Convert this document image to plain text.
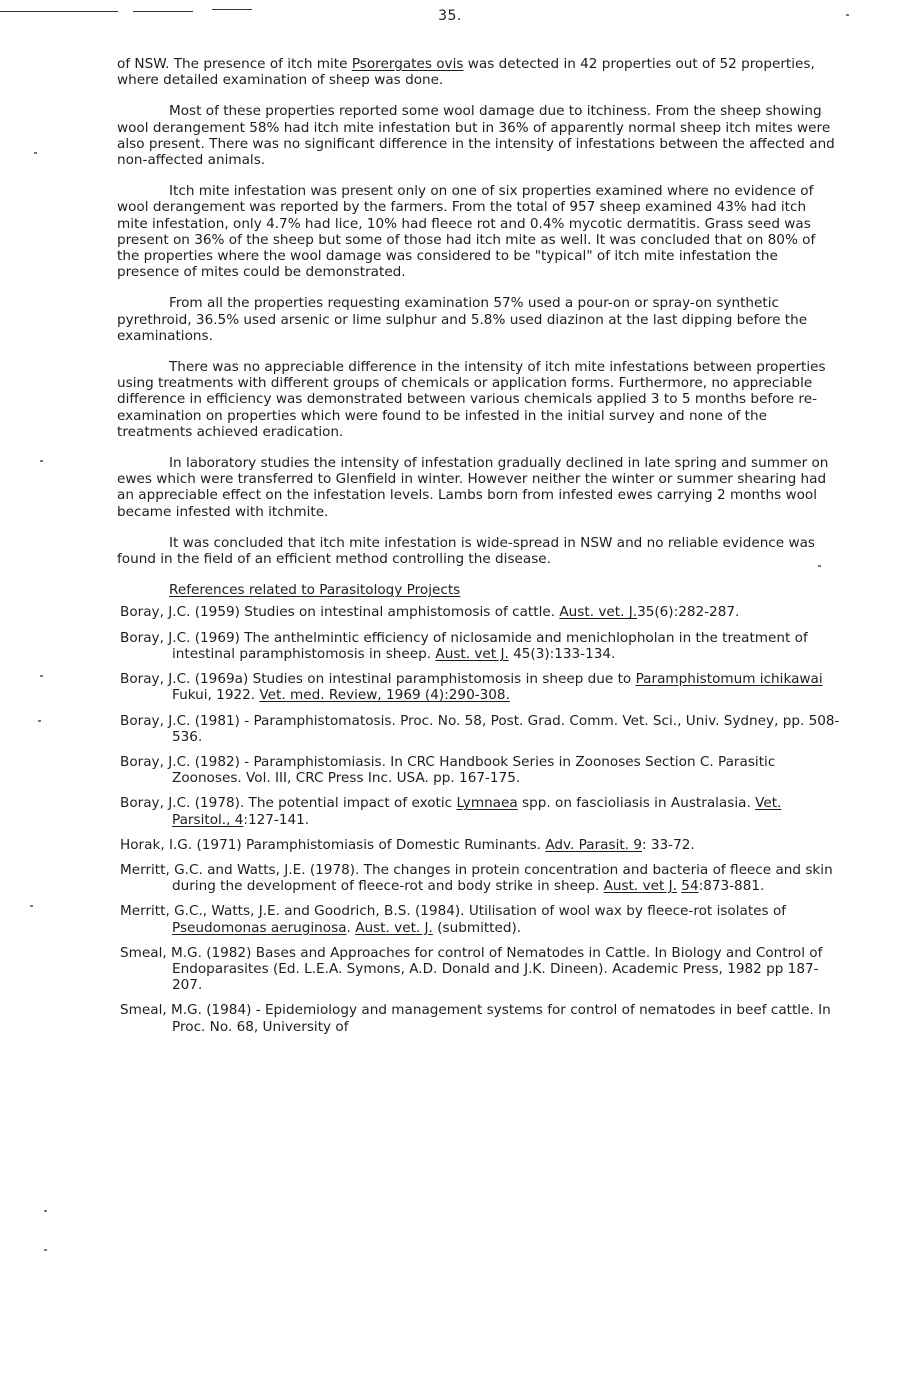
35.

of NSW. The presence of itch mite Psorergates ovis was detected in 42 properties out of 52 properties, where detailed examination of sheep was done.

Most of these properties reported some wool damage due to itchiness. From the sheep showing wool derangement 58% had itch mite infestation but in 36% of apparently normal sheep itch mites were also present. There was no significant difference in the intensity of infestations between the affected and non-affected animals.

Itch mite infestation was present only on one of six properties examined where no evidence of wool derangement was reported by the farmers. From the total of 957 sheep examined 43% had itch mite infestation, only 4.7% had lice, 10% had fleece rot and 0.4% mycotic dermatitis. Grass seed was present on 36% of the sheep but some of those had itch mite as well. It was concluded that on 80% of the properties where the wool damage was considered to be "typical" of itch mite infestation the presence of mites could be demonstrated.

From all the properties requesting examination 57% used a pour-on or spray-on synthetic pyrethroid, 36.5% used arsenic or lime sulphur and 5.8% used diazinon at the last dipping before the examinations.

There was no appreciable difference in the intensity of itch mite infestations between properties using treatments with different groups of chemicals or application forms. Furthermore, no appreciable difference in efficiency was demonstrated between various chemicals applied 3 to 5 months before re-examination on properties which were found to be infested in the initial survey and none of the treatments achieved eradication.

In laboratory studies the intensity of infestation gradually declined in late spring and summer on ewes which were transferred to Glenfield in winter. However neither the winter or summer shearing had an appreciable effect on the infestation levels. Lambs born from infested ewes carrying 2 months wool became infested with itchmite.

It was concluded that itch mite infestation is wide-spread in NSW and no reliable evidence was found in the field of an efficient method controlling the disease.

References related to Parasitology Projects
Boray, J.C. (1959) Studies on intestinal amphistomosis of cattle. Aust. vet. J.35(6):282-287.
Boray, J.C. (1969) The anthelmintic efficiency of niclosamide and menichlopholan in the treatment of intestinal paramphistomosis in sheep. Aust. vet J. 45(3):133-134.
Boray, J.C. (1969a) Studies on intestinal paramphistomosis in sheep due to Paramphistomum ichikawai Fukui, 1922. Vet. med. Review, 1969 (4):290-308.
Boray, J.C. (1981) - Paramphistomatosis. Proc. No. 58, Post. Grad. Comm. Vet. Sci., Univ. Sydney, pp. 508-536.
Boray, J.C. (1982) - Paramphistomiasis. In CRC Handbook Series in Zoonoses Section C. Parasitic Zoonoses. Vol. III, CRC Press Inc. USA. pp. 167-175.
Boray, J.C. (1978). The potential impact of exotic Lymnaea spp. on fascioliasis in Australasia. Vet. Parsitol., 4:127-141.
Horak, I.G. (1971) Paramphistomiasis of Domestic Ruminants. Adv. Parasit. 9: 33-72.
Merritt, G.C. and Watts, J.E. (1978). The changes in protein concentration and bacteria of fleece and skin during the development of fleece-rot and body strike in sheep. Aust. vet J. 54:873-881.
Merritt, G.C., Watts, J.E. and Goodrich, B.S. (1984). Utilisation of wool wax by fleece-rot isolates of Pseudomonas aeruginosa. Aust. vet. J. (submitted).
Smeal, M.G. (1982) Bases and Approaches for control of Nematodes in Cattle. In Biology and Control of Endoparasites (Ed. L.E.A. Symons, A.D. Donald and J.K. Dineen). Academic Press, 1982 pp 187-207.
Smeal, M.G. (1984) - Epidemiology and management systems for control of nematodes in beef cattle. In Proc. No. 68, University of
